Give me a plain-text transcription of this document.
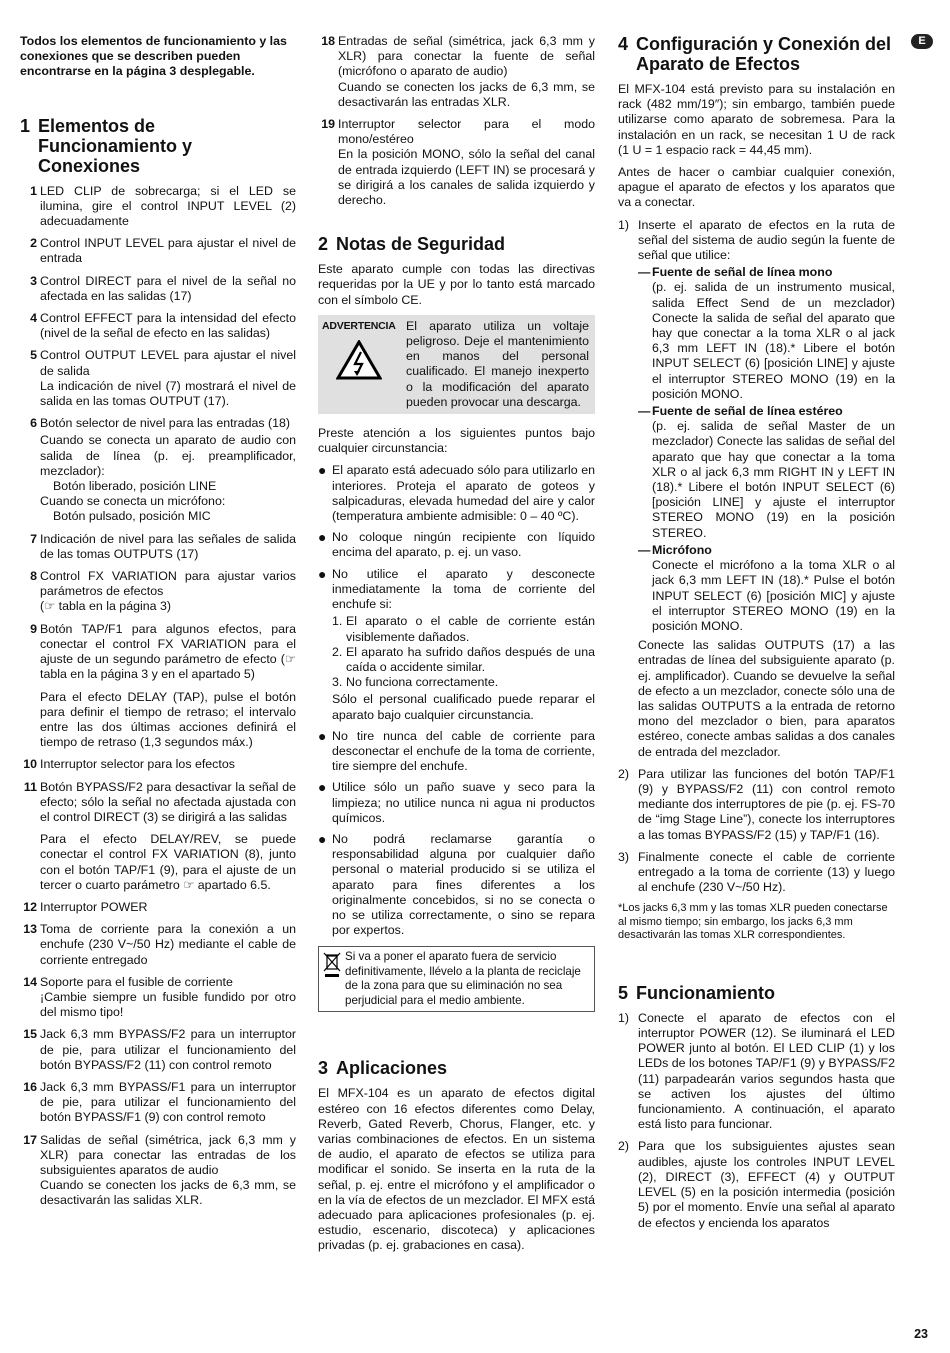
Todos los elementos de funcionamiento y las conexiones que se describen pueden encontrarse en la página 3 desplegable.

1 Elementos de Funcionamiento y Conexiones
1 LED CLIP de sobrecarga; si el LED se ilumina, gire el control INPUT LEVEL (2) adecuadamente
2 Control INPUT LEVEL para ajustar el nivel de entrada
3 Control DIRECT para el nivel de la señal no afectada en las salidas (17)
4 Control EFFECT para la intensidad del efecto (nivel de la señal de efecto en las salidas)
5 Control OUTPUT LEVEL para ajustar el nivel de salida
La indicación de nivel (7) mostrará el nivel de salida en las tomas OUTPUT (17).
6 Botón selector de nivel para las entradas (18)
Cuando se conecta un aparato de audio con salida de línea (p. ej. preamplificador, mezclador):
Botón liberado, posición LINE
Cuando se conecta un micrófono:
Botón pulsado, posición MIC
7 Indicación de nivel para las señales de salida de las tomas OUTPUTS (17)
8 Control FX VARIATION para ajustar varios parámetros de efectos
(☞ tabla en la página 3)
9 Botón TAP/F1 para algunos efectos, para conectar el control FX VARIATION para el ajuste de un segundo parámetro de efecto (☞ tabla en la página 3 y en el apartado 5)
Para el efecto DELAY (TAP), pulse el botón para definir el tiempo de retraso; el intervalo entre las dos últimas acciones definirá el tiempo de retraso (1,3 segundos máx.)
10 Interruptor selector para los efectos
11 Botón BYPASS/F2 para desactivar la señal de efecto; sólo la señal no afectada ajustada con el control DIRECT (3) se dirigirá a las salidas
Para el efecto DELAY/REV, se puede conectar el control FX VARIATION (8), junto con el botón TAP/F1 (9), para el ajuste de un tercer o cuarto parámetro ☞ apartado 6.5.
12 Interruptor POWER
13 Toma de corriente para la conexión a un enchufe (230 V~/50 Hz) mediante el cable de corriente entregado
14 Soporte para el fusible de corriente
¡Cambie siempre un fusible fundido por otro del mismo tipo!
15 Jack 6,3 mm BYPASS/F2 para un interruptor de pie, para utilizar el funcionamiento del botón BYPASS/F2 (11) con control remoto
16 Jack 6,3 mm BYPASS/F1 para un interruptor de pie, para utilizar el funcionamiento del botón BYPASS/F1 (9) con control remoto
17 Salidas de señal (simétrica, jack 6,3 mm y XLR) para conectar las entradas de los subsiguientes aparatos de audio
Cuando se conecten los jacks de 6,3 mm, se desactivarán las salidas XLR.
18 Entradas de señal (simétrica, jack 6,3 mm y XLR) para conectar la fuente de señal (micrófono o aparato de audio)
Cuando se conecten los jacks de 6,3 mm, se desactivarán las entradas XLR.
19 Interruptor selector para el modo mono/estéreo
En la posición MONO, sólo la señal del canal de entrada izquierdo (LEFT IN) se procesará y se dirigirá a los canales de salida izquierdo y derecho.
2 Notas de Seguridad

Este aparato cumple con todas las directivas requeridas por la UE y por lo tanto está marcado con el símbolo CE.

ADVERTENCIA El aparato utiliza un voltaje peligroso. Deje el mantenimiento en manos del personal cualificado. El manejo inexperto o la modificación del aparato pueden provocar una descarga.

Preste atención a los siguientes puntos bajo cualquier circunstancia:

● El aparato está adecuado sólo para utilizarlo en interiores. Proteja el aparato de goteos y salpicaduras, elevada humedad del aire y calor (temperatura ambiente admisible: 0 – 40 ºC).
● No coloque ningún recipiente con líquido encima del aparato, p. ej. un vaso.
● No utilice el aparato y desconecte inmediatamente la toma de corriente del enchufe si:
1. El aparato o el cable de corriente están visiblemente dañados.
2. El aparato ha sufrido daños después de una caída o accidente similar.
3. No funciona correctamente.
Sólo el personal cualificado puede reparar el aparato bajo cualquier circunstancia.
● No tire nunca del cable de corriente para desconectar el enchufe de la toma de corriente, tire siempre del enchufe.
● Utilice sólo un paño suave y seco para la limpieza; no utilice nunca ni agua ni productos químicos.
● No podrá reclamarse garantía o responsabilidad alguna por cualquier daño personal o material producido si se utiliza el aparato para fines diferentes a los originalmente concebidos, si no se conecta o no se utiliza correctamente, o sino se repara por expertos.
Si va a poner el aparato fuera de servicio definitivamente, llévelo a la planta de reciclaje de la zona para que su eliminación no sea perjudicial para el medio ambiente.
3 Aplicaciones

El MFX-104 es un aparato de efectos digital estéreo con 16 efectos diferentes como Delay, Reverb, Gated Reverb, Chorus, Flanger, etc. y varias combinaciones de efectos. En un sistema de audio, el aparato de efectos se utiliza para modificar el sonido. Se inserta en la ruta de la señal, p. ej. entre el micrófono y el amplificador o en la vía de efectos de un mezclador. El MFX está adecuado para aplicaciones profesionales (p. ej. estudio, escenario, discoteca) y aplicaciones privadas (p. ej. grabaciones en casa).

4 Configuración y Conexión del Aparato de Efectos

El MFX-104 está previsto para su instalación en rack (482 mm/19″); sin embargo, también puede utilizarse como aparato de sobremesa. Para la instalación en un rack, se necesitan 1 U de rack (1 U = 1 espacio rack = 44,45 mm).

Antes de hacer o cambiar cualquier conexión, apague el aparato de efectos y los aparatos que va a conectar.

1) Inserte el aparato de efectos en la ruta de señal del sistema de audio según la fuente de señal que utilice:
— Fuente de señal de línea mono
(p. ej. salida de un instrumento musical, salida Effect Send de un mezclador) Conecte la salida de señal del aparato que hay que conectar a la toma XLR o al jack 6,3 mm LEFT IN (18).* Libere el botón INPUT SELECT (6) [posición LINE] y ajuste el interruptor STEREO MONO (19) en la posición MONO.
— Fuente de señal de línea estéreo
(p. ej. salida de señal Master de un mezclador) Conecte las salidas de señal del aparato que hay que conectar a la toma XLR o al jack 6,3 mm RIGHT IN y LEFT IN (18).* Libere el botón INPUT SELECT (6) [posición LINE] y ajuste el interruptor STEREO MONO (19) en la posición STEREO.
— Micrófono
Conecte el micrófono a la toma XLR o al jack 6,3 mm LEFT IN (18).* Pulse el botón INPUT SELECT (6) [posición MIC] y ajuste el interruptor STEREO MONO (19) en la posición MONO.
Conecte las salidas OUTPUTS (17) a las entradas de línea del subsiguiente aparato (p. ej. amplificador). Cuando se devuelve la señal de efecto a un mezclador, conecte sólo una de las salidas OUTPUTS a la entrada de retorno mono del mezclador o bien, para aparatos estéreo, conecte ambas salidas a dos canales de entrada del mezclador.
2) Para utilizar las funciones del botón TAP/F1 (9) y BYPASS/F2 (11) con control remoto mediante dos interruptores de pie (p. ej. FS-70 de “img Stage Line”), conecte los interruptores a las tomas BYPASS/F2 (15) y TAP/F1 (16).
3) Finalmente conecte el cable de corriente entregado a la toma de corriente (13) y luego al enchufe (230 V~/50 Hz).
*Los jacks 6,3 mm y las tomas XLR pueden conectarse al mismo tiempo; sin embargo, los jacks 6,3 mm desactivarán las tomas XLR correspondientes.
5 Funcionamiento
1) Conecte el aparato de efectos con el interruptor POWER (12). Se iluminará el LED POWER junto al botón. El LED CLIP (1) y los LEDs de los botones TAP/F1 (9) y BYPASS/F2 (11) parpadearán varios segundos hasta que se activen los ajustes del último funcionamiento. A continuación, el aparato está listo para funcionar.
2) Para que los subsiguientes ajustes sean audibles, ajuste los controles INPUT LEVEL (2), DIRECT (3), EFFECT (4) y OUTPUT LEVEL (5) en la posición intermedia (posición 5) por el momento. Envíe una señal al aparato de efectos y encienda los aparatos
E
23
